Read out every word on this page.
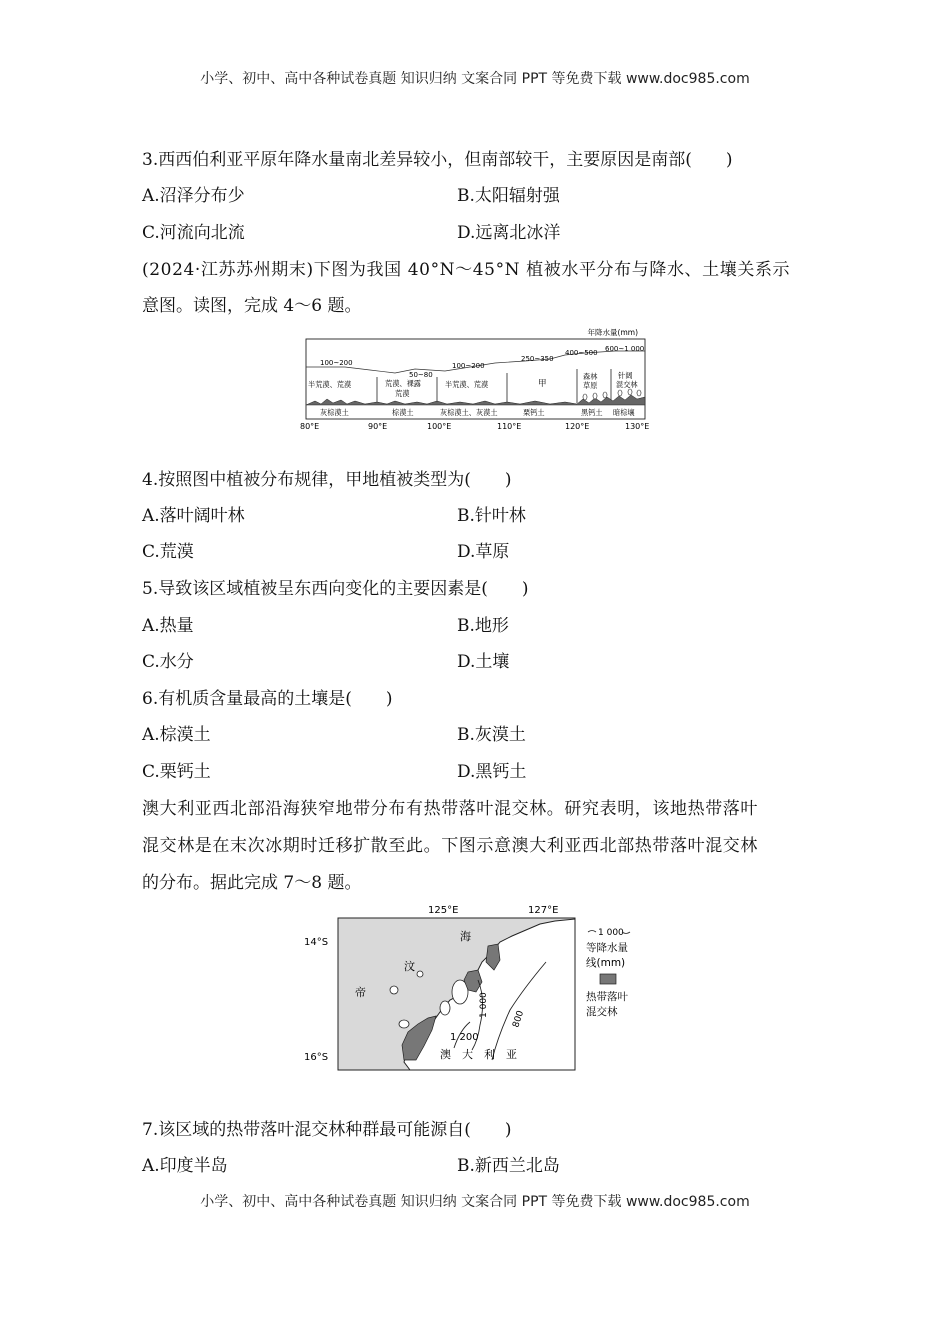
小学、初中、高中各种试卷真题 知识归纳 文案合同 PPT 等免费下载 www.doc985.com
3.西西伯利亚平原年降水量南北差异较小，但南部较干，主要原因是南部(　　)
A.沼泽分布少	B.太阳辐射强
C.河流向北流	D.远离北冰洋
(2024·江苏苏州期末)下图为我国 40°N～45°N 植被水平分布与降水、土壤关系示
意图。读图，完成 4～6 题。
年降水量(mm)
100~200
50~80
100~200
250~350
400~500 600~1 000
半荒漠、荒漠	荒漠、裸露
荒漠
半荒漠、荒漠	甲
森林
草原
针阔
混交林
灰棕漠土	棕漠土	灰棕漠土、灰漠土	栗钙土	黑钙土 暗棕壤
80°E	90°E	100°E	110°E	120°E	130°E
4.按照图中植被分布规律，甲地植被类型为(　　)
A.落叶阔叶林	B.针叶林
C.荒漠	D.草原
5.导致该区域植被呈东西向变化的主要因素是(　　)
A.热量	B.地形
C.水分	D.土壤
6.有机质含量最高的土壤是(　　)
A.棕漠土	B.灰漠土
C.栗钙土	D.黑钙土
澳大利亚西北部沿海狭窄地带分布有热带落叶混交林。研究表明，该地热带落叶
混交林是在末次冰期时迁移扩散至此。下图示意澳大利亚西北部热带落叶混交林
的分布。据此完成 7～8 题。
125°E	127°E
14°S
16°S
海
汶
帝	1 000
800
1 200
澳　大　利　亚
1 000
等降水量
线(mm)
热带落叶
混交林
7.该区域的热带落叶混交林种群最可能源自(　　)
A.印度半岛	B.新西兰北岛
小学、初中、高中各种试卷真题 知识归纳 文案合同 PPT 等免费下载 www.doc985.com
